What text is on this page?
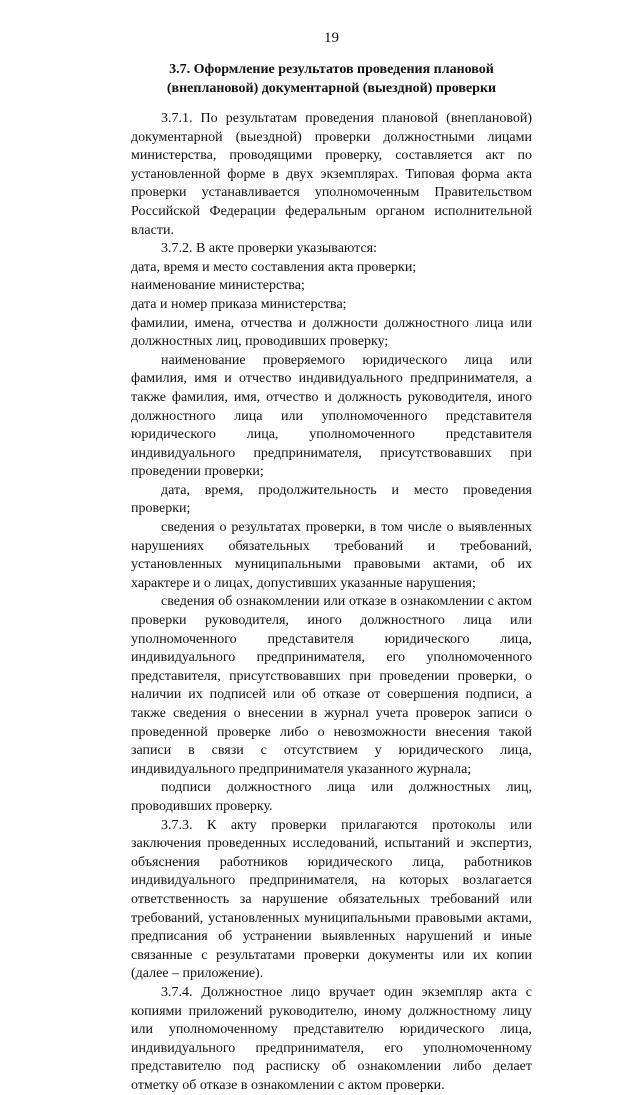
19
3.7. Оформление результатов проведения плановой
(внеплановой) документарной (выездной) проверки

3.7.1. По результатам проведения плановой (внеплановой) документарной (выездной) проверки должностными лицами министерства, проводящими проверку, составляется акт по установленной форме в двух экземплярах. Типовая форма акта проверки устанавливается уполномоченным Правительством Российской Федерации федеральным органом исполнительной власти.

3.7.2. В акте проверки указываются:

дата, время и место составления акта проверки;

наименование министерства;

дата и номер приказа министерства;

фамилии, имена, отчества и должности должностного лица или должностных лиц, проводивших проверку;

наименование проверяемого юридического лица или фамилия, имя и отчество индивидуального предпринимателя, а также фамилия, имя, отчество и должность руководителя, иного должностного лица или уполномоченного представителя юридического лица, уполномоченного представителя индивидуального предпринимателя, присутствовавших при проведении проверки;

дата, время, продолжительность и место проведения проверки;

сведения о результатах проверки, в том числе о выявленных нарушениях обязательных требований и требований, установленных муниципальными правовыми актами, об их характере и о лицах, допустивших указанные нарушения;

сведения об ознакомлении или отказе в ознакомлении с актом проверки руководителя, иного должностного лица или уполномоченного представителя юридического лица, индивидуального предпринимателя, его уполномоченного представителя, присутствовавших при проведении проверки, о наличии их подписей или об отказе от совершения подписи, а также сведения о внесении в журнал учета проверок записи о проведенной проверке либо о невозможности внесения такой записи в связи с отсутствием у юридического лица, индивидуального предпринимателя указанного журнала;

подписи должностного лица или должностных лиц, проводивших проверку.

3.7.3. К акту проверки прилагаются протоколы или заключения проведенных исследований, испытаний и экспертиз, объяснения работников юридического лица, работников индивидуального предпринимателя, на которых возлагается ответственность за нарушение обязательных требований или требований, установленных муниципальными правовыми актами, предписания об устранении выявленных нарушений и иные связанные с результатами проверки документы или их копии (далее – приложение).

3.7.4. Должностное лицо вручает один экземпляр акта с копиями приложений руководителю, иному должностному лицу или уполномоченному представителю юридического лица, индивидуального предпринимателя, его уполномоченному представителю под расписку об ознакомлении либо делает отметку об отказе в ознакомлении с актом проверки.
